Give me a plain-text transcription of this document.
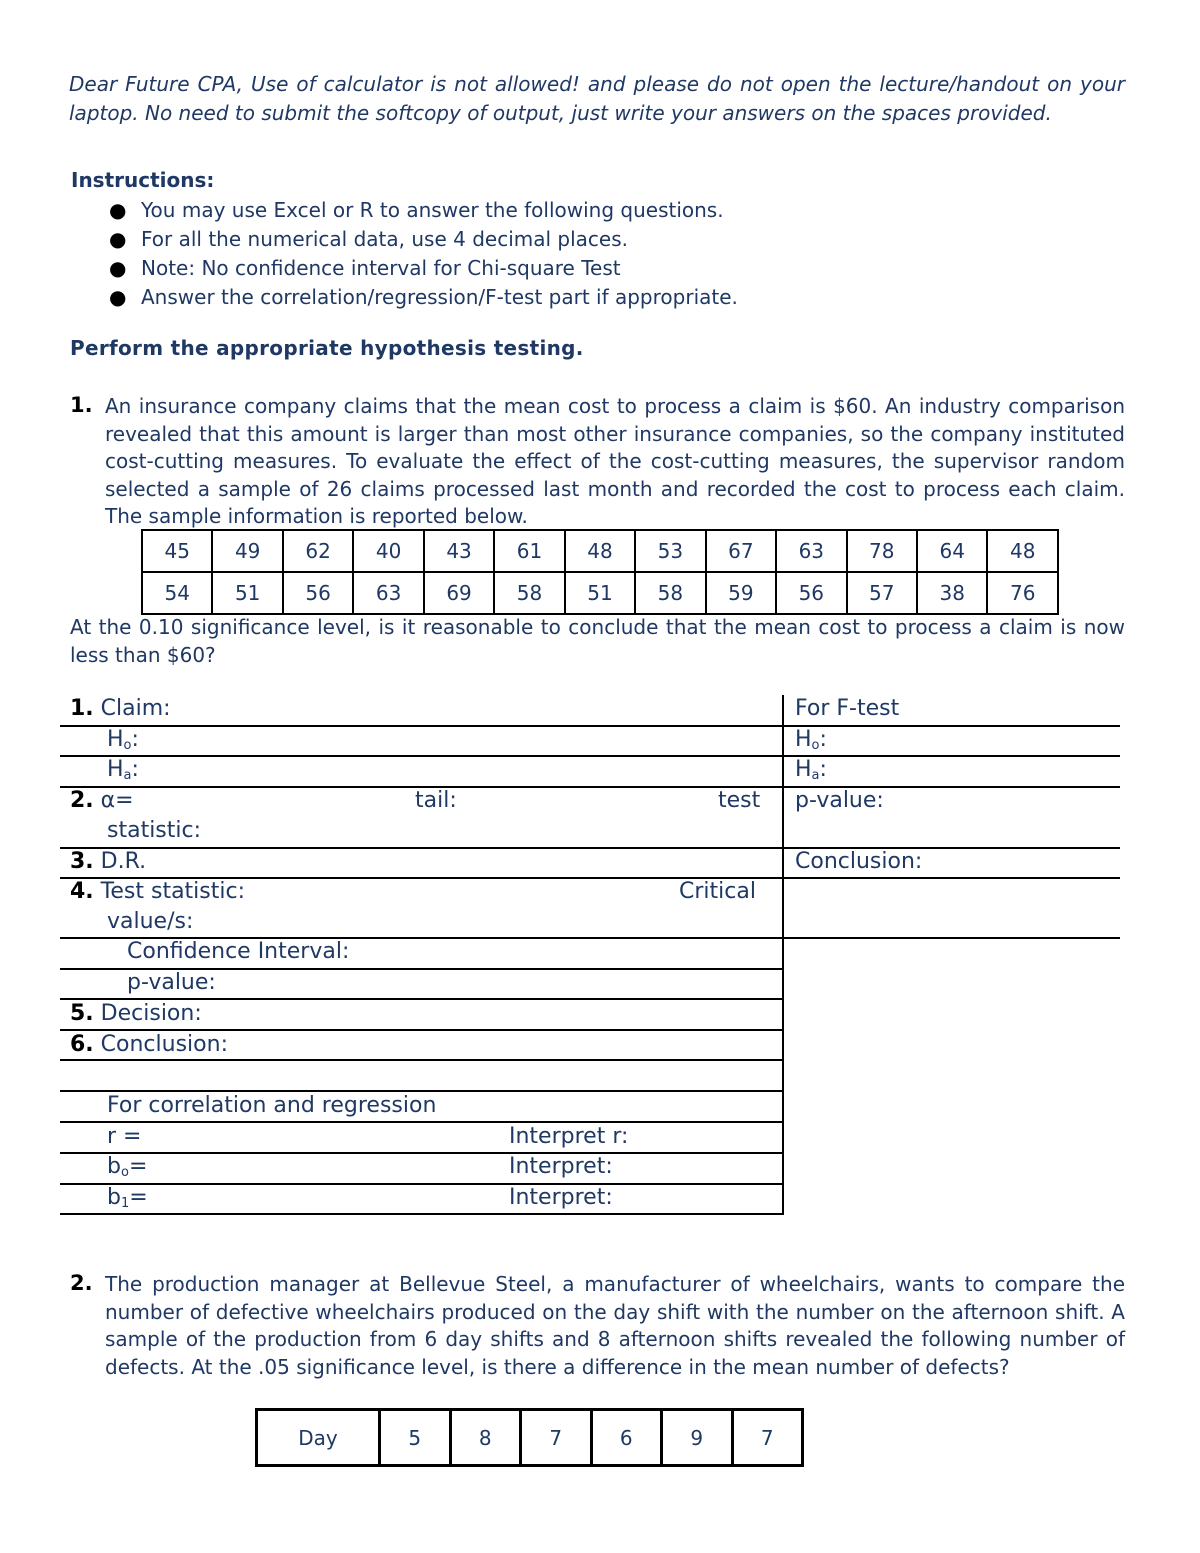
Dear Future CPA, Use of calculator is not allowed! and please do not open the lecture/handout on your laptop. No need to submit the softcopy of output, just write your answers on the spaces provided.
Instructions:
● You may use Excel or R to answer the following questions.
● For all the numerical data, use 4 decimal places.
● Note: No confidence interval for Chi-square Test
● Answer the correlation/regression/F-test part if appropriate.
Perform the appropriate hypothesis testing.
1. An insurance company claims that the mean cost to process a claim is $60. An industry comparison revealed that this amount is larger than most other insurance companies, so the company instituted cost-cutting measures. To evaluate the effect of the cost-cutting measures, the supervisor random selected a sample of 26 claims processed last month and recorded the cost to process each claim. The sample information is reported below.
45	49	62	40	43	61	48	53	67	63	78	64	48
54	51	56	63	69	58	51	58	59	56	57	38	76
At the 0.10 significance level, is it reasonable to conclude that the mean cost to process a claim is now less than $60?
1. Claim:
$H_o$:
$H_a$:
2. α=	tail:	test
statistic:
3. D.R.
4. Test statistic:	Critical
value/s:
Confidence Interval:
p-value:
5. Decision:
6. Conclusion:
For correlation and regression
r =	Interpret r:
$b_o=$	Interpret:
$b_1=$	Interpret:
For F-test
$H_o$:
$H_a$:
p-value:
Conclusion:
2. The production manager at Bellevue Steel, a manufacturer of wheelchairs, wants to compare the number of defective wheelchairs produced on the day shift with the number on the afternoon shift. A sample of the production from 6 day shifts and 8 afternoon shifts revealed the following number of defects. At the .05 significance level, is there a difference in the mean number of defects?
Day	5	8	7	6	9	7
